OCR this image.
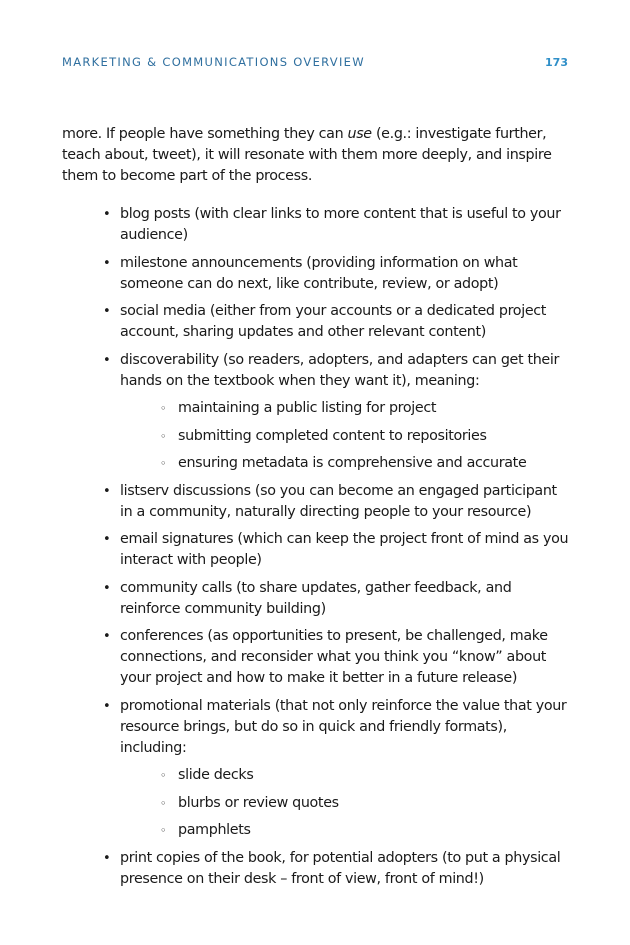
MARKETING & COMMUNICATIONS OVERVIEW	173

more. If people have something they can use (e.g.: investigate further, teach about, tweet), it will resonate with them more deeply, and inspire them to become part of the process.

• blog posts (with clear links to more content that is useful to your audience)
• milestone announcements (providing information on what someone can do next, like contribute, review, or adopt)
• social media (either from your accounts or a dedicated project account, sharing updates and other relevant content)
• discoverability (so readers, adopters, and adapters can get their hands on the textbook when they want it), meaning:
◦ maintaining a public listing for project
◦ submitting completed content to repositories
◦ ensuring metadata is comprehensive and accurate
• listserv discussions (so you can become an engaged participant in a community, naturally directing people to your resource)
• email signatures (which can keep the project front of mind as you interact with people)
• community calls (to share updates, gather feedback, and reinforce community building)
• conferences (as opportunities to present, be challenged, make connections, and reconsider what you think you “know” about your project and how to make it better in a future release)
• promotional materials (that not only reinforce the value that your resource brings, but do so in quick and friendly formats), including:
◦ slide decks
◦ blurbs or review quotes
◦ pamphlets
• print copies of the book, for potential adopters (to put a physical presence on their desk – front of view, front of mind!)
